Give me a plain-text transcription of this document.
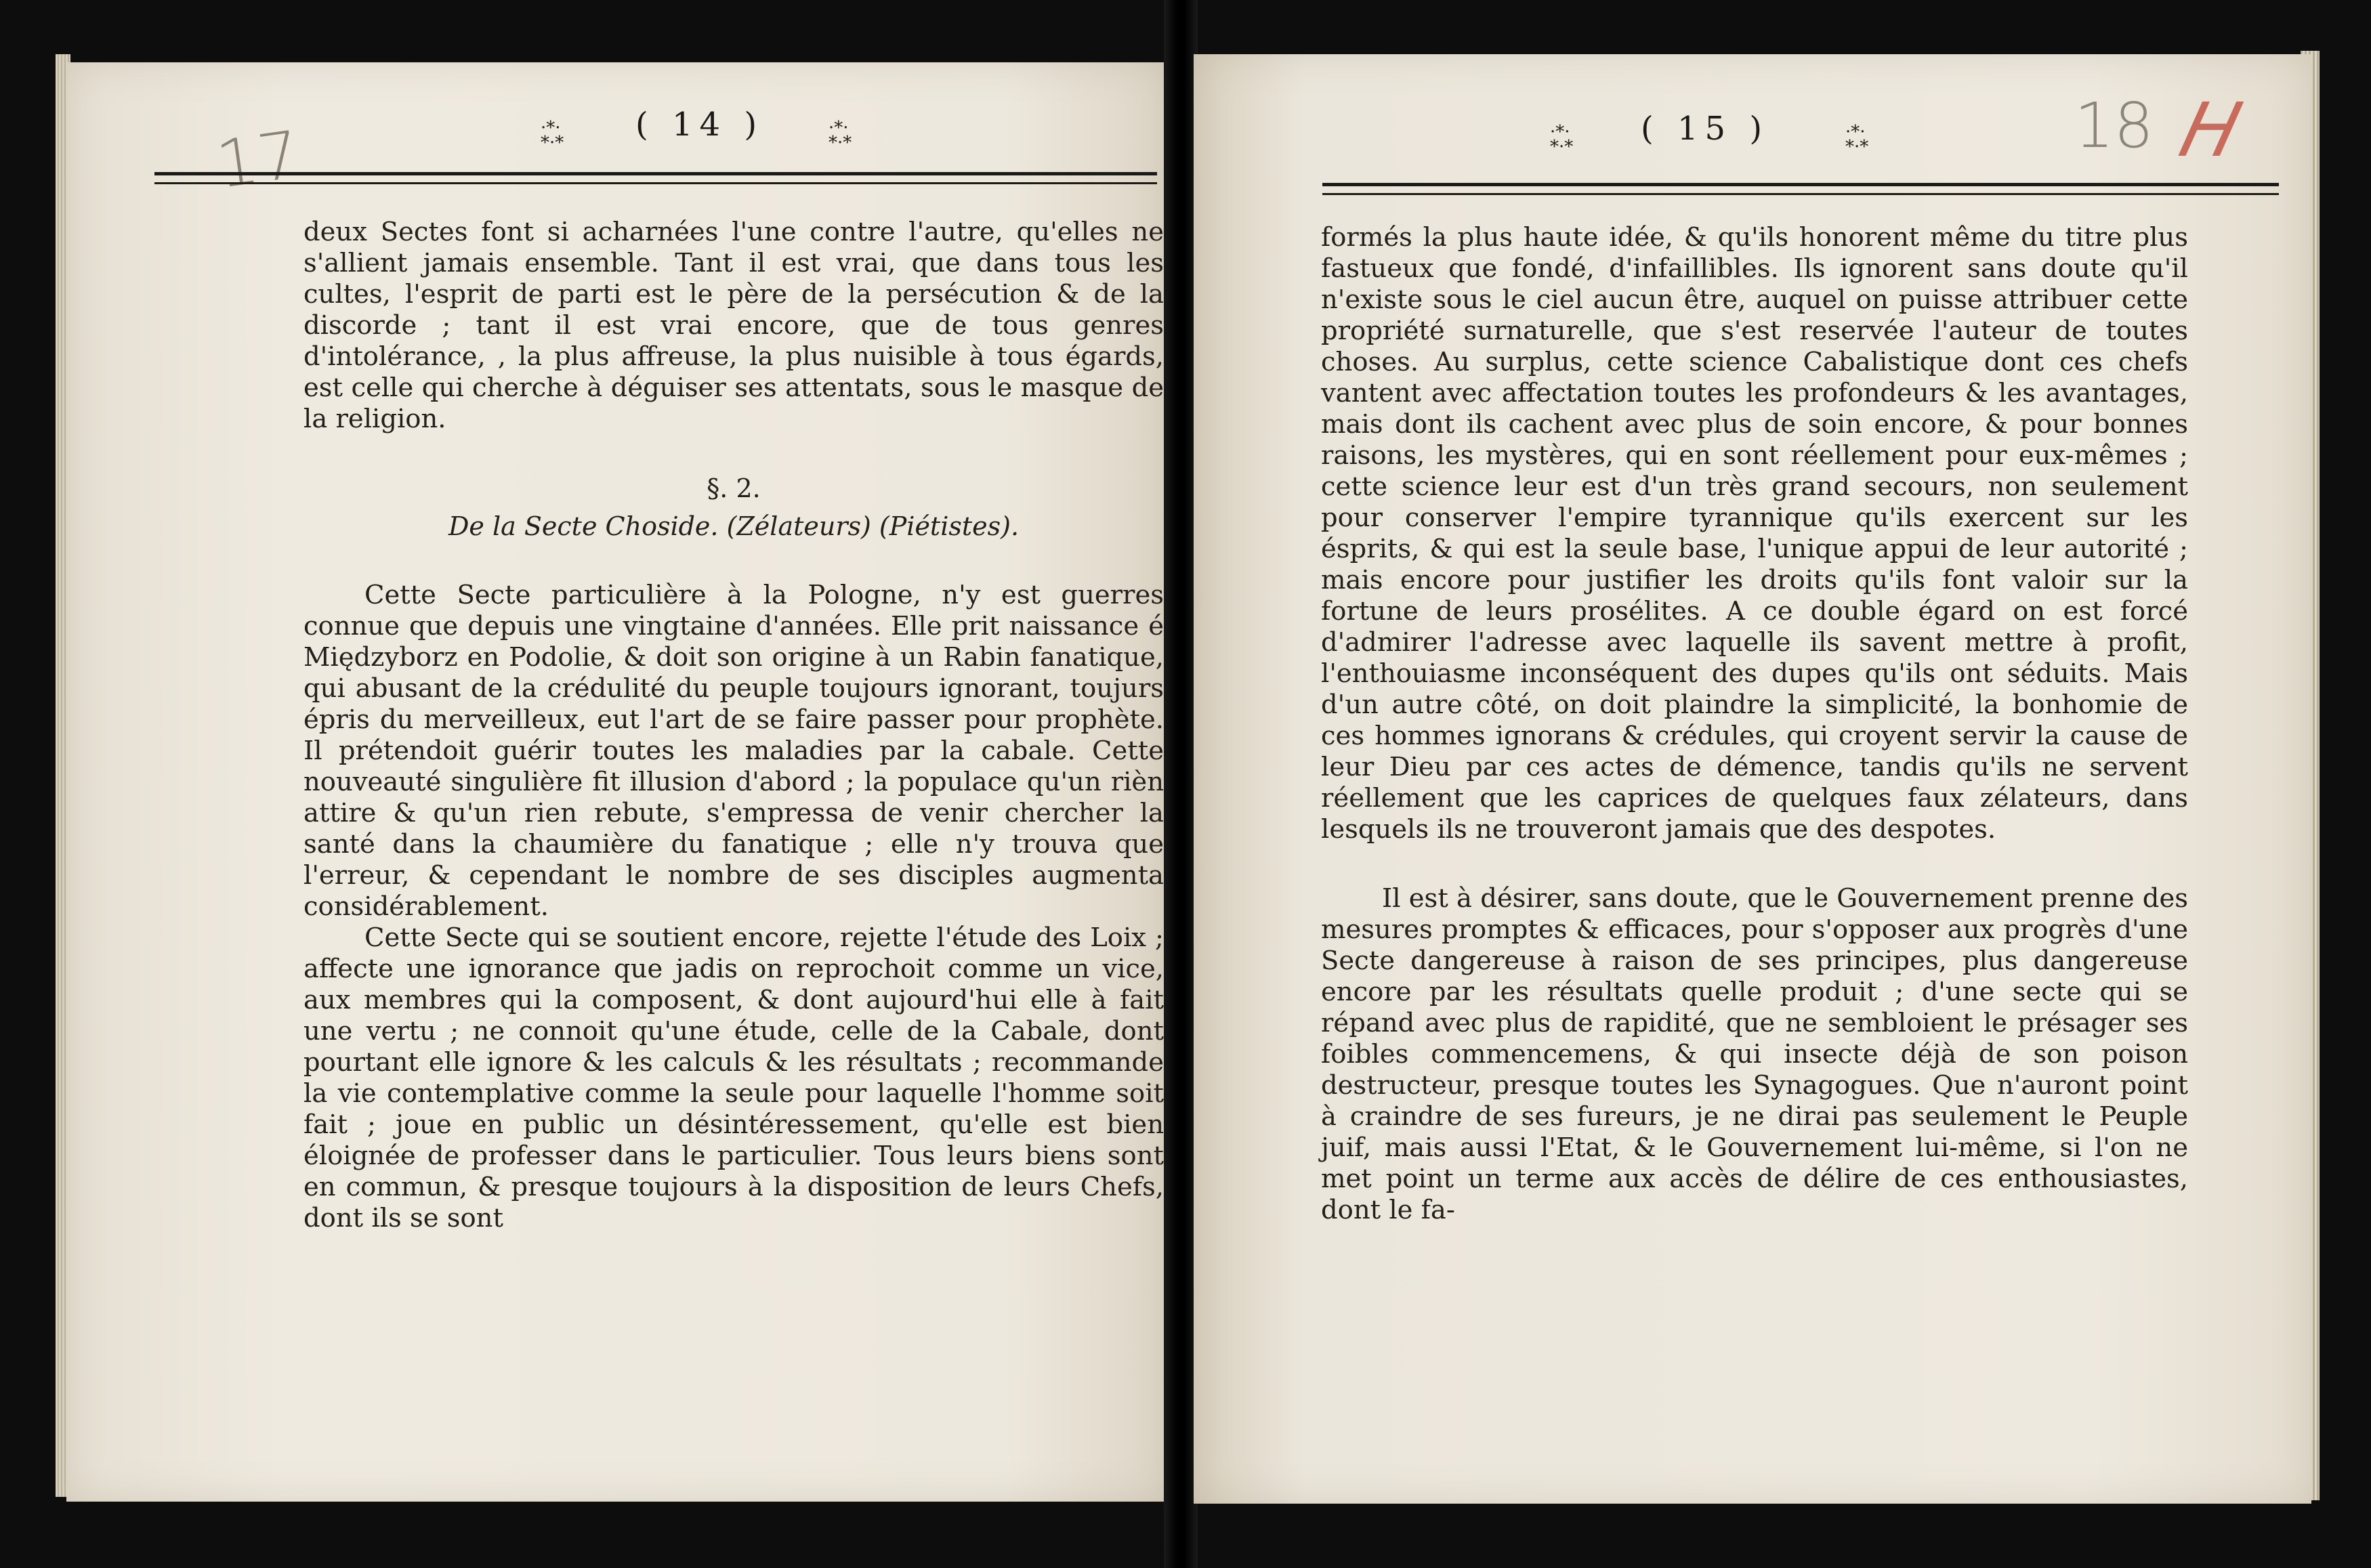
17	·*·
*·* ( 14 )	·*·
*·*

deux Sectes font si acharnées l'une contre l'autre, qu'elles ne s'allient jamais ensemble. Tant il est vrai, que dans tous les cultes, l'esprit de parti est le père de la persécution & de la discorde ; tant il est vrai encore, que de tous genres d'intolérance, , la plus affreuse, la plus nuisible à tous égards, est celle qui cherche à déguiser ses attentats, sous le masque de la religion.

§. 2.

De la Secte Choside. (Zélateurs) (Piétistes).

Cette Secte particulière à la Pologne, n'y est guerres connue que depuis une vingtaine d'années. Elle prit naissance é Międzyborz en Podolie, & doit son origine à un Rabin fanatique, qui abusant de la crédulité du peuple toujours ignorant, toujurs épris du merveilleux, eut l'art de se faire passer pour prophète. Il prétendoit guérir toutes les maladies par la cabale. Cette nouveauté singulière fit illusion d'abord ; la populace qu'un rièn attire & qu'un rien rebute, s'empressa de venir chercher la santé dans la chaumière du fanatique ; elle n'y trouva que l'erreur, & cependant le nombre de ses disciples augmenta considérablement.

Cette Secte qui se soutient encore, rejette l'étude des Loix ; affecte une ignorance que jadis on reprochoit comme un vice, aux membres qui la composent, & dont aujourd'hui elle à fait une vertu ; ne connoit qu'une étude, celle de la Cabale, dont pourtant elle ignore & les calculs & les résultats ; recommande la vie contemplative comme la seule pour laquelle l'homme soit fait ; joue en public un désintéressement, qu'elle est bien éloignée de professer dans le particulier. Tous leurs biens sont en commun, & presque toujours à la disposition de leurs Chefs, dont ils se sont

·*·
*·* ( 15 )	·*·
*·*	18 H

formés la plus haute idée, & qu'ils honorent même du titre plus fastueux que fondé, d'infaillibles. Ils ignorent sans doute qu'il n'existe sous le ciel aucun être, auquel on puisse attribuer cette propriété surnaturelle, que s'est reservée l'auteur de toutes choses. Au surplus, cette science Cabalistique dont ces chefs vantent avec affectation toutes les profondeurs & les avantages, mais dont ils cachent avec plus de soin encore, & pour bonnes raisons, les mystères, qui en sont réellement pour eux-mêmes ; cette science leur est d'un très grand secours, non seulement pour conserver l'empire tyrannique qu'ils exercent sur les ésprits, & qui est la seule base, l'unique appui de leur autorité ; mais encore pour justifier les droits qu'ils font valoir sur la fortune de leurs prosélites. A ce double égard on est forcé d'admirer l'adresse avec laquelle ils savent mettre à profit, l'enthouiasme inconséquent des dupes qu'ils ont séduits. Mais d'un autre côté, on doit plaindre la simplicité, la bonhomie de ces hommes ignorans & crédules, qui croyent servir la cause de leur Dieu par ces actes de démence, tandis qu'ils ne servent réellement que les caprices de quelques faux zélateurs, dans lesquels ils ne trouveront jamais que des despotes.

Il est à désirer, sans doute, que le Gouvernement prenne des mesures promptes & efficaces, pour s'opposer aux progrès d'une Secte dangereuse à raison de ses principes, plus dangereuse encore par les résultats quelle produit ; d'une secte qui se répand avec plus de rapidité, que ne sembloient le présager ses foibles commencemens, & qui insecte déjà de son poison destructeur, presque toutes les Synagogues. Que n'auront point à craindre de ses fureurs, je ne dirai pas seulement le Peuple juif, mais aussi l'Etat, & le Gouvernement lui-même, si l'on ne met point un terme aux accès de délire de ces enthousiastes, dont le fa-
